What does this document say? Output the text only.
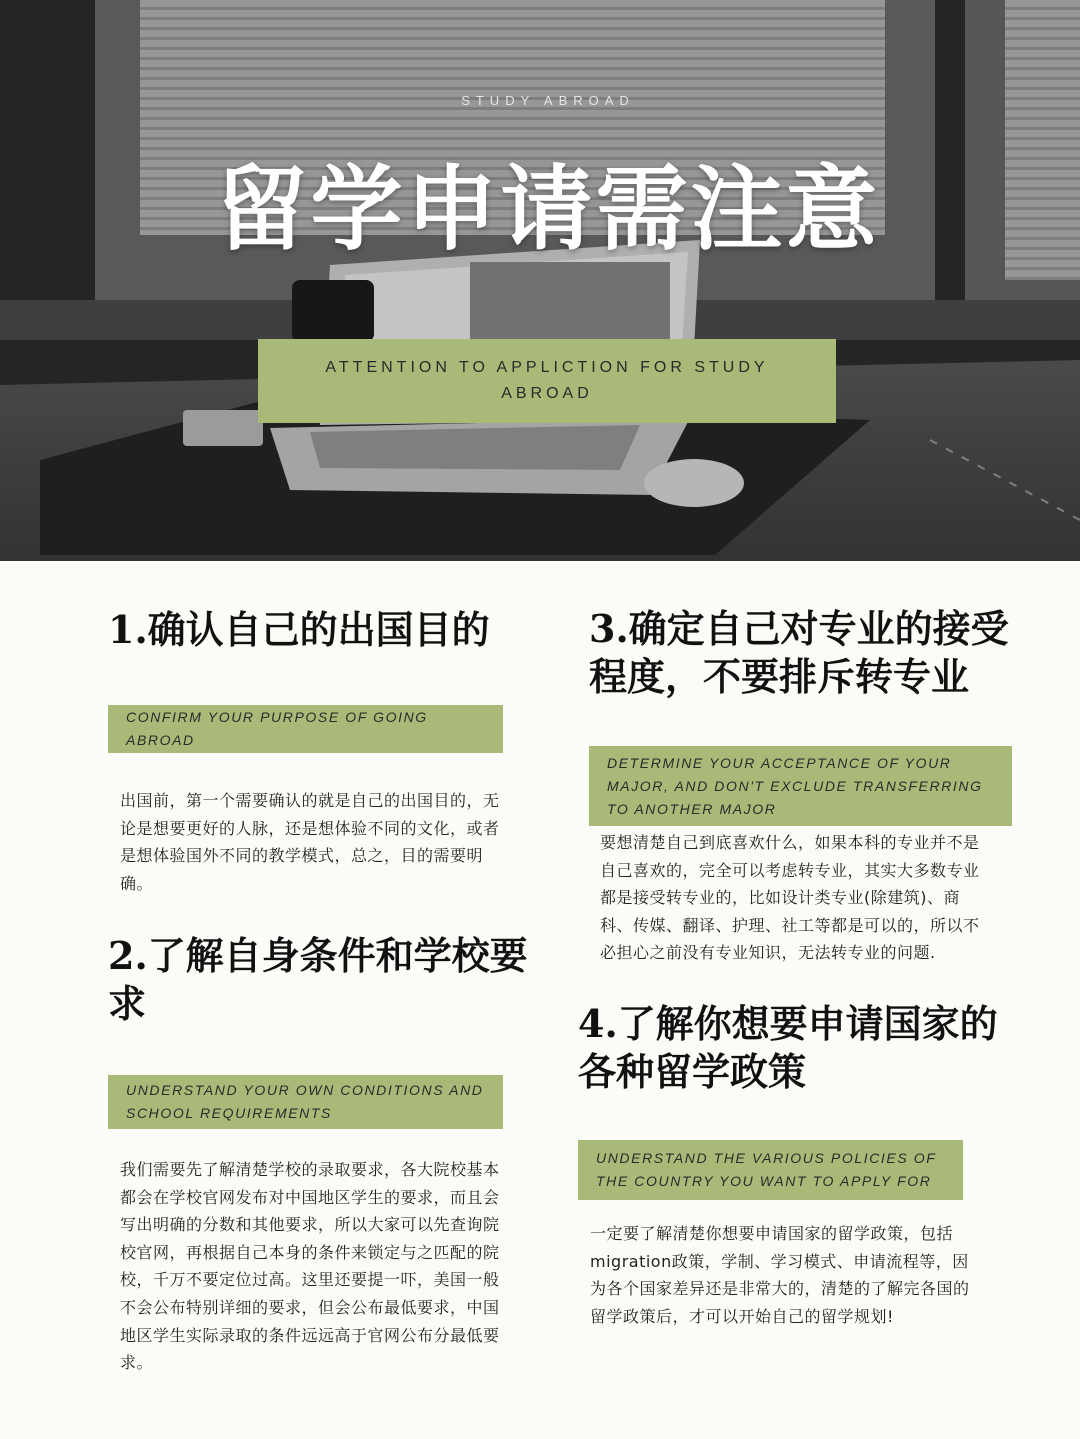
STUDY ABROAD
留学申请需注意
ATTENTION TO APPLICTION FOR STUDY ABROAD
1.确认自己的出国目的
CONFIRM YOUR PURPOSE OF GOING ABROAD
出国前，第一个需要确认的就是自己的出国目的，无论是想要更好的人脉，还是想体验不同的文化，或者是想体验国外不同的教学模式，总之，目的需要明确。
2.了解自身条件和学校要求
UNDERSTAND YOUR OWN CONDITIONS AND SCHOOL REQUIREMENTS
我们需要先了解清楚学校的录取要求，各大院校基本都会在学校官网发布对中国地区学生的要求，而且会写出明确的分数和其他要求，所以大家可以先查询院校官网，再根据自己本身的条件来锁定与之匹配的院校，千万不要定位过高。这里还要提一吓，美国一般不会公布特别详细的要求，但会公布最低要求，中国地区学生实际录取的条件远远高于官网公布分最低要求。
3.确定自己对专业的接受程度，不要排斥转专业
DETERMINE YOUR ACCEPTANCE OF YOUR MAJOR, AND DON'T EXCLUDE TRANSFERRING TO ANOTHER MAJOR
要想清楚自己到底喜欢什么，如果本科的专业并不是自己喜欢的，完全可以考虑转专业，其实大多数专业都是接受转专业的，比如设计类专业(除建筑)、商科、传媒、翻译、护理、社工等都是可以的，所以不必担心之前没有专业知识，无法转专业的问题.
4.了解你想要申请国家的各种留学政策
UNDERSTAND THE VARIOUS POLICIES OF THE COUNTRY YOU WANT TO APPLY FOR
一定要了解清楚你想要申请国家的留学政策，包括migration政策，学制、学习模式、申请流程等，因为各个国家差异还是非常大的，清楚的了解完各国的留学政策后，才可以开始自己的留学规划!
